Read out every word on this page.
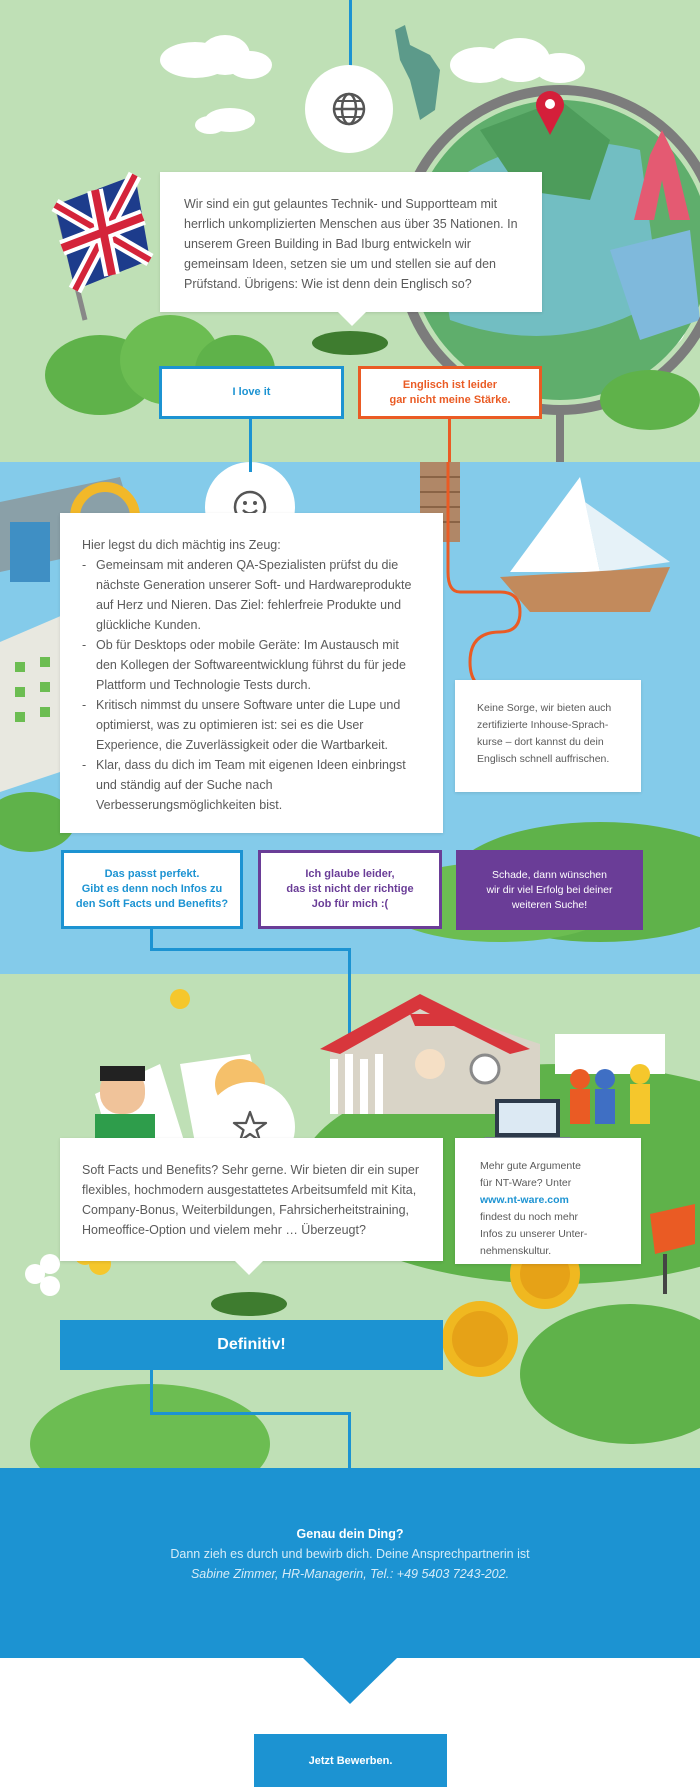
Wir sind ein gut gelauntes Technik- und Supportteam mit herrlich unkomplizierten Menschen aus über 35 Nationen. In unserem Green Building in Bad Iburg entwickeln wir gemeinsam Ideen, setzen sie um und stellen sie auf den Prüfstand. Übrigens: Wie ist denn dein Englisch so?
I love it
Englisch ist leider
gar nicht meine Stärke.
Hier legst du dich mächtig ins Zeug:
- Gemeinsam mit anderen QA-Spezialisten prüfst du die nächste Generation unserer Soft- und Hardwareprodukte auf Herz und Nieren. Das Ziel: fehlerfreie Produkte und glückliche Kunden.
- Ob für Desktops oder mobile Geräte: Im Austausch mit den Kollegen der Softwareentwicklung führst du für jede Plattform und Technologie Tests durch.
- Kritisch nimmst du unsere Software unter die Lupe und optimierst, was zu optimieren ist: sei es die User Experience, die Zuverlässigkeit oder die Wartbarkeit.
- Klar, dass du dich im Team mit eigenen Ideen einbringst und ständig auf der Suche nach Verbesserungsmöglichkeiten bist.
Keine Sorge, wir bieten auch zertifizierte Inhouse-Sprachkurse – dort kannst du dein Englisch schnell auffrischen.
Das passt perfekt.
Gibt es denn noch Infos zu
den Soft Facts und Benefits?
Ich glaube leider,
das ist nicht der richtige
Job für mich :(
Schade, dann wünschen
wir dir viel Erfolg bei deiner
weiteren Suche!
Soft Facts und Benefits? Sehr gerne. Wir bieten dir ein super flexibles, hochmodern ausgestattetes Arbeitsumfeld mit Kita, Company-Bonus, Weiterbildungen, Fahrsicherheitstraining, Homeoffice-Option und vielem mehr … Überzeugt?
Mehr gute Argumente
für NT-Ware? Unter
www.nt-ware.com
findest du noch mehr
Infos zu unserer Unter-
nehmenskultur.
Definitiv!
Genau dein Ding?
Dann zieh es durch und bewirb dich. Deine Ansprechpartnerin ist
Sabine Zimmer, HR-Managerin, Tel.: +49 5403 7243-202.
Jetzt Bewerben.
